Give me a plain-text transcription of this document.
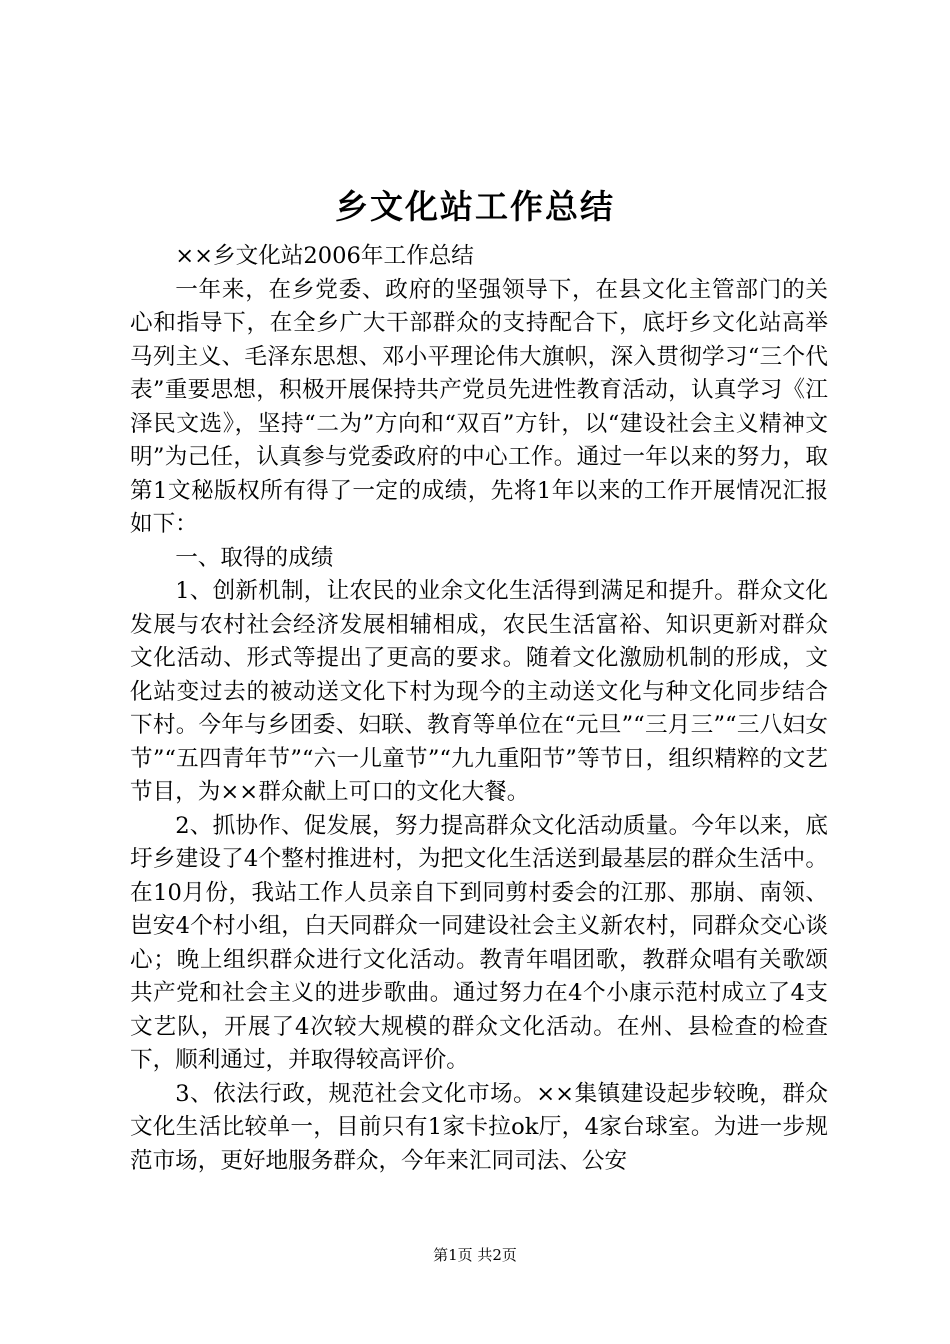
乡文化站工作总结

××乡文化站2006年工作总结

一年来，在乡党委、政府的坚强领导下，在县文化主管部门的关心和指导下，在全乡广大干部群众的支持配合下，底圩乡文化站高举马列主义、毛泽东思想、邓小平理论伟大旗帜，深入贯彻学习“三个代表”重要思想，积极开展保持共产党员先进性教育活动，认真学习《江泽民文选》，坚持“二为”方向和“双百”方针，以“建设社会主义精神文明”为己任，认真参与党委政府的中心工作。通过一年以来的努力，取第1文秘版权所有得了一定的成绩，先将1年以来的工作开展情况汇报如下：

一、取得的成绩

1、创新机制，让农民的业余文化生活得到满足和提升。群众文化发展与农村社会经济发展相辅相成，农民生活富裕、知识更新对群众文化活动、形式等提出了更高的要求。随着文化激励机制的形成，文化站变过去的被动送文化下村为现今的主动送文化与种文化同步结合下村。今年与乡团委、妇联、教育等单位在“元旦”“三月三”“三八妇女节”“五四青年节”“六一儿童节”“九九重阳节”等节日，组织精粹的文艺节目，为××群众献上可口的文化大餐。

2、抓协作、促发展，努力提高群众文化活动质量。今年以来，底圩乡建设了4个整村推进村，为把文化生活送到最基层的群众生活中。在10月份，我站工作人员亲自下到同剪村委会的江那、那崩、南领、岜安4个村小组，白天同群众一同建设社会主义新农村，同群众交心谈心；晚上组织群众进行文化活动。教青年唱团歌，教群众唱有关歌颂共产党和社会主义的进步歌曲。通过努力在4个小康示范村成立了4支文艺队，开展了4次较大规模的群众文化活动。在州、县检查的检查下，顺利通过，并取得较高评价。

3、依法行政，规范社会文化市场。××集镇建设起步较晚，群众文化生活比较单一，目前只有1家卡拉ok厅，4家台球室。为进一步规范市场，更好地服务群众，今年来汇同司法、公安

第1页 共2页
